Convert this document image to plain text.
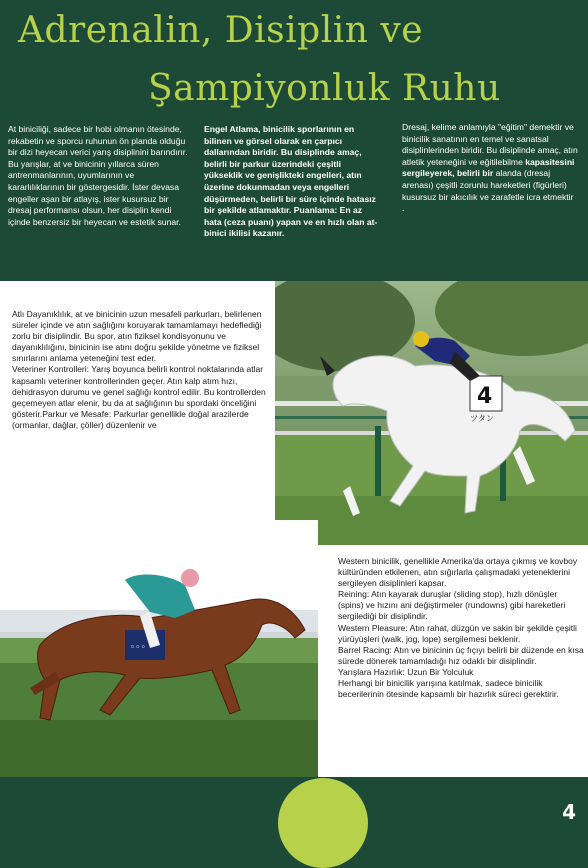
Adrenalin, Disiplin ve
Şampiyonluk Ruhu
At biniciliği, sadece bir hobi olmanın ötesinde, rekabetin ve sporcu ruhunun ön planda olduğu bir dizi heyecan verici yarış disiplinini barındırır. Bu yarışlar, at ve binicinin yıllarca süren antrenmanlarının, uyumlarının ve kararlılıklarının bir göstergesidir. İster devasa engeller aşan bir atlayış, ister kusursuz bir dresaj performansı olsun, her disiplin kendi içinde benzersiz bir heyecan ve estetik sunar.
Engel Atlama, binicilik sporlarının en bilinen ve görsel olarak en çarpıcı dallarından biridir. Bu disiplinde amaç, belirli bir parkur üzerindeki çeşitli yükseklik ve genişlikteki engelleri, atın üzerine dokunmadan veya engelleri düşürmeden, belirli bir süre içinde hatasız bir şekilde atlamaktır. Puanlama: En az hata (ceza puanı) yapan ve en hızlı olan at-binici ikilisi kazanır.
Dresaj, kelime anlamıyla "eğitim" demektir ve binicilik sanatının en temel ve sanatsal disiplinlerinden biridir. Bu disiplinde amaç, atın atletik yeteneğini ve eğitilebilme kapasitesini sergileyerek, belirli bir alanda (dresaj arenası) çeşitli zorunlu hareketleri (figürleri) kusursuz bir akıcılık ve zarafetle icra etmektir .
Atlı Dayanıklılık, at ve binicinin uzun mesafeli parkurları, belirlenen süreler içinde ve atın sağlığını koruyarak tamamlamayı hedeflediği zorlu bir disiplindir. Bu spor, atın fiziksel kondisyonunu ve dayanıklılığını, binicinin ise atını doğru şekilde yönetme ve fiziksel sınırlarını anlama yeteneğini test eder.
Veteriner Kontrolleri: Yarış boyunca belirli kontrol noktalarında atlar kapsamlı veteriner kontrollerinden geçer. Atın kalp atım hızı, dehidrasyon durumu ve genel sağlığı kontrol edilir. Bu kontrollerden geçemeyen atlar elenir, bu da at sağlığının bu spordaki önceliğini gösterir.Parkur ve Mesafe: Parkurlar genellikle doğal arazilerde (ormanlar, dağlar, çöller) düzenlenir ve
4
ツタン
◦◦◦
Western binicilik, genellikle Amerika'da ortaya çıkmış ve kovboy kültüründen etkilenen, atın sığırlarla çalışmadaki yeteneklerini sergileyen disiplinleri kapsar.
Reining: Atın kayarak duruşlar (sliding stop), hızlı dönüşler (spins) ve hızını ani değiştirmeler (rundowns) gibi hareketleri sergilediği bir disiplindir.
Western Pleasure: Atın rahat, düzgün ve sakin bir şekilde çeşitli yürüyüşleri (walk, jog, lope) sergilemesi beklenir.
Barrel Racing: Atın ve binicinin üç fıçıyı belirli bir düzende en kısa sürede dönerek tamamladığı hız odaklı bir disiplindir.
Yarışlara Hazırlık: Uzun Bir Yolculuk
Herhangi bir binicilik yarışına katılmak, sadece binicilik becerilerinin ötesinde kapsamlı bir hazırlık süreci gerektirir.
4
